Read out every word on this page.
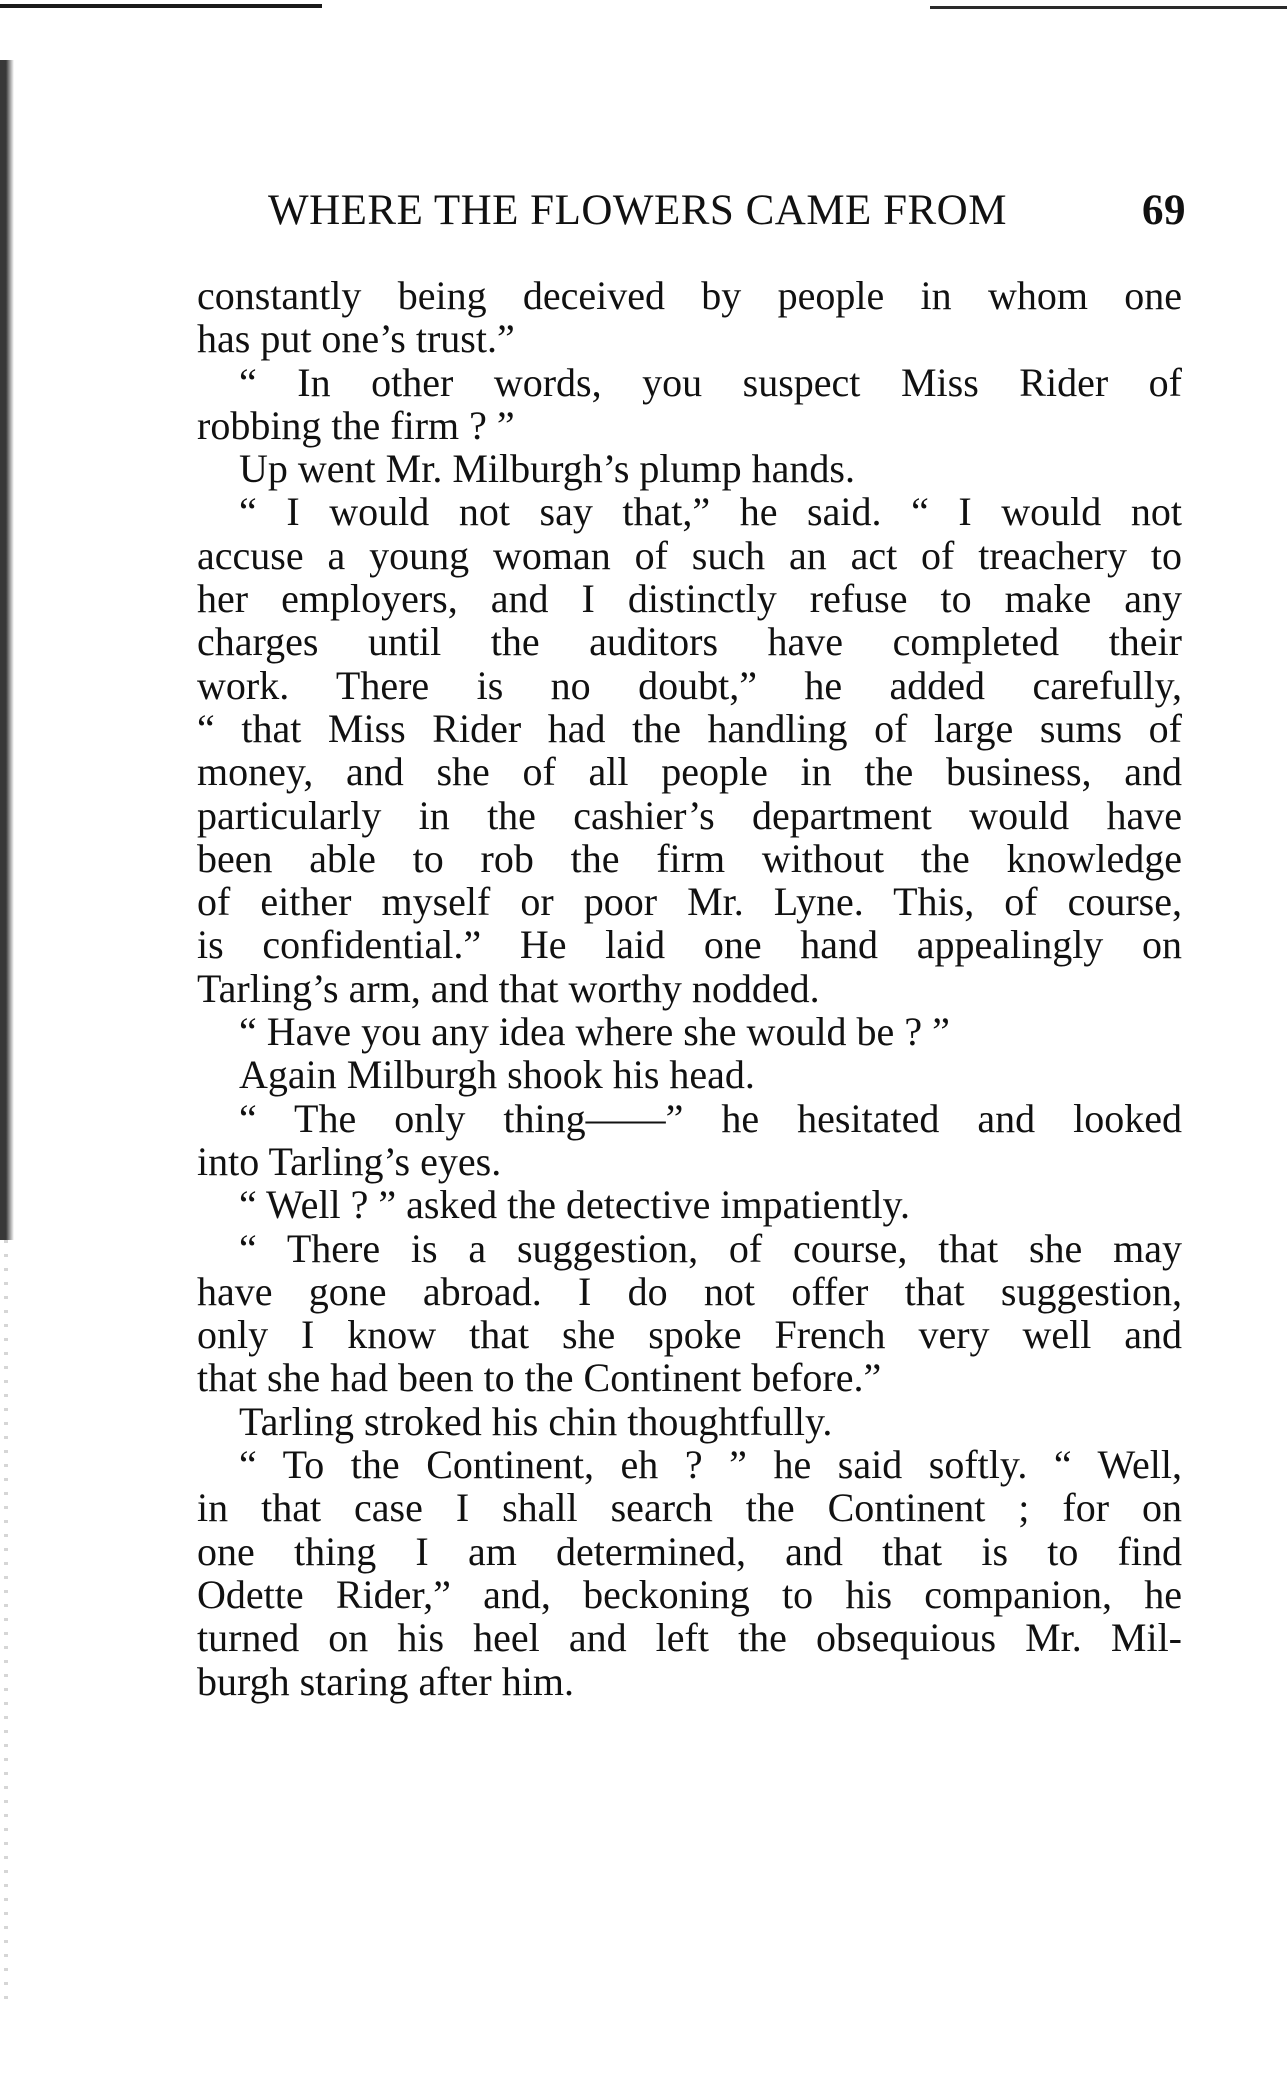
WHERE THE FLOWERS CAME FROM	69
constantly being deceived by people in whom one
has put one’s trust.”
“ In other words, you suspect Miss Rider of
robbing the firm ? ”
Up went Mr. Milburgh’s plump hands.
“ I would not say that,” he said. “ I would not
accuse a young woman of such an act of treachery to
her employers, and I distinctly refuse to make any
charges until the auditors have completed their
work. There is no doubt,” he added carefully,
“ that Miss Rider had the handling of large sums of
money, and she of all people in the business, and
particularly in the cashier’s department would have
been able to rob the firm without the knowledge
of either myself or poor Mr. Lyne. This, of course,
is confidential.” He laid one hand appealingly on
Tarling’s arm, and that worthy nodded.
“ Have you any idea where she would be ? ”
Again Milburgh shook his head.
“ The only thing——” he hesitated and looked
into Tarling’s eyes.
“ Well ? ” asked the detective impatiently.
“ There is a suggestion, of course, that she may
have gone abroad. I do not offer that suggestion,
only I know that she spoke French very well and
that she had been to the Continent before.”
Tarling stroked his chin thoughtfully.
“ To the Continent, eh ? ” he said softly. “ Well,
in that case I shall search the Continent ; for on
one thing I am determined, and that is to find
Odette Rider,” and, beckoning to his companion, he
turned on his heel and left the obsequious Mr. Mil-
burgh staring after him.
